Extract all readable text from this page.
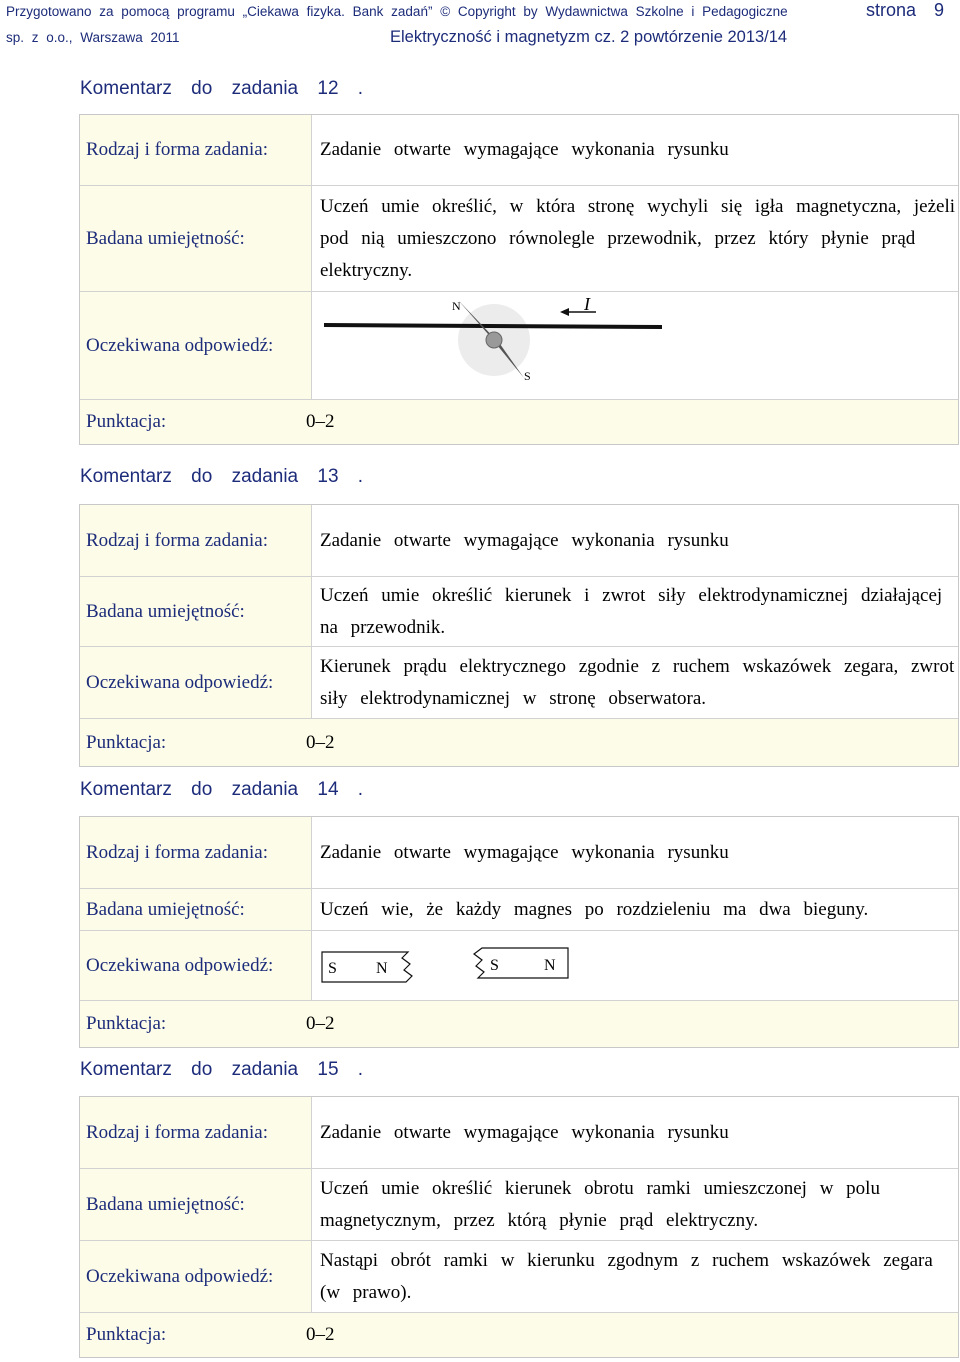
Przygotowano za pomocą programu „Ciekawa fizyka. Bank zadań” © Copyright by Wydawnictwa Szkolne i Pedagogiczne
sp. z o.o., Warszawa 2011	Elektryczność i magnetyzm cz. 2 powtórzenie 2013/14
strona 9
Komentarz do zadania 12 .
Rodzaj i forma zadania:	Zadanie otwarte wymagające wykonania rysunku
Badana umiejętność:
Uczeń umie określić, w która stronę wychyli się igła magnetyczna, jeżeli pod nią umieszczono równolegle przewodnik, przez który płynie prąd elektryczny.
Oczekiwana odpowiedź:
N
S
I
Punktacja:	0–2
Komentarz do zadania 13 .
Rodzaj i forma zadania:	Zadanie otwarte wymagające wykonania rysunku
Badana umiejętność:
Uczeń umie określić kierunek i zwrot siły elektrodynamicznej działającej na przewodnik.
Oczekiwana odpowiedź:
Kierunek prądu elektrycznego zgodnie z ruchem wskazówek zegara, zwrot siły elektrodynamicznej w stronę obserwatora.
Punktacja:	0–2
Komentarz do zadania 14 .
Rodzaj i forma zadania:	Zadanie otwarte wymagające wykonania rysunku
Badana umiejętność:	Uczeń wie, że każdy magnes po rozdzieleniu ma dwa bieguny.
Oczekiwana odpowiedź:	S N	S	N
Punktacja:	0–2
Komentarz do zadania 15 .
Rodzaj i forma zadania:	Zadanie otwarte wymagające wykonania rysunku
Badana umiejętność:
Uczeń umie określić kierunek obrotu ramki umieszczonej w polu magnetycznym, przez którą płynie prąd elektryczny.
Oczekiwana odpowiedź:
Nastąpi obrót ramki w kierunku zgodnym z ruchem wskazówek zegara (w prawo).
Punktacja:	0–2
